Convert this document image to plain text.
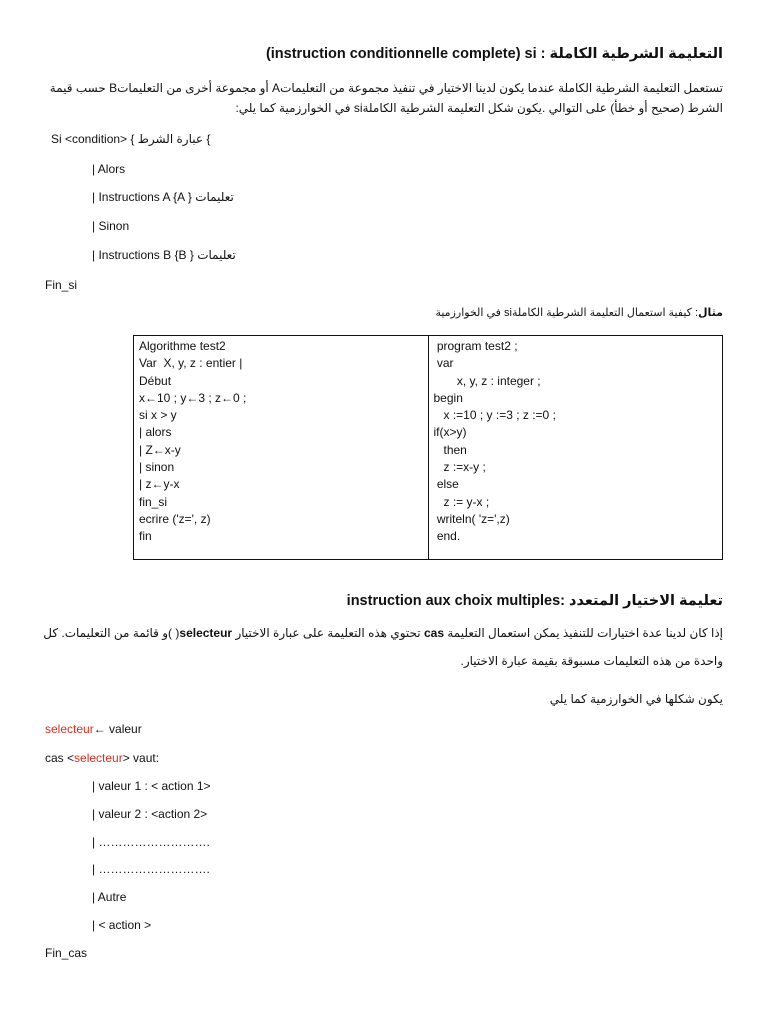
التعليمة الشرطية الكاملة : instruction conditionnelle complete) si)
تستعمل التعليمة الشرطية الكاملة عندما يكون لدينا الاختيار في تنفيذ مجموعة من التعليماتA أو مجموعة أخرى من التعليماتB حسب قيمة
الشرط (صحيح أو خطأ) على التوالي .يكون شكل التعليمة الشرطية الكاملةsi في الخوارزمية كما يلي:
Si <condition> { } عبارة الشرط
| Alors
| Instructions A {A } تعليمات
| Sinon
| Instructions B {B } تعليمات
Fin_si
مثال: كيفية استعمال التعليمة الشرطية الكاملةsi في الخوارزمية
Algorithme test2
Var  X, y, z : entier |
Début
x←10 ; y←3 ; z←0 ;
si x > y
| alors
| Z←x-y
| sinon
| z←y-x
fin_si
ecrire ('z=', z)
fin

program test2 ;
var
x, y, z : integer ;
begin
x :=10 ; y :=3 ; z :=0 ;
if(x>y)
then
z :=x-y ;
else
z := y-x ;
writeln( 'z=',z)
end.
instruction aux choix multiples: تعليمة الاختيار المتعدد
إذا كان لدينا عدة اختيارات للتنفيذ يمكن استعمال التعليمة cas تحتوي هذه التعليمة على عبارة الاختيار selecteur( )و قائمة من التعليمات. كل
واحدة من هذه التعليمات مسبوقة بقيمة عبارة الاختيار.
يكون شكلها في الخوارزمية كما يلي
selecteur← valeur
cas <selecteur> vaut:
| valeur 1 : < action 1>
| valeur 2 : <action 2>
| ……………………….
| ……………………….
| Autre
| < action >
Fin_cas
